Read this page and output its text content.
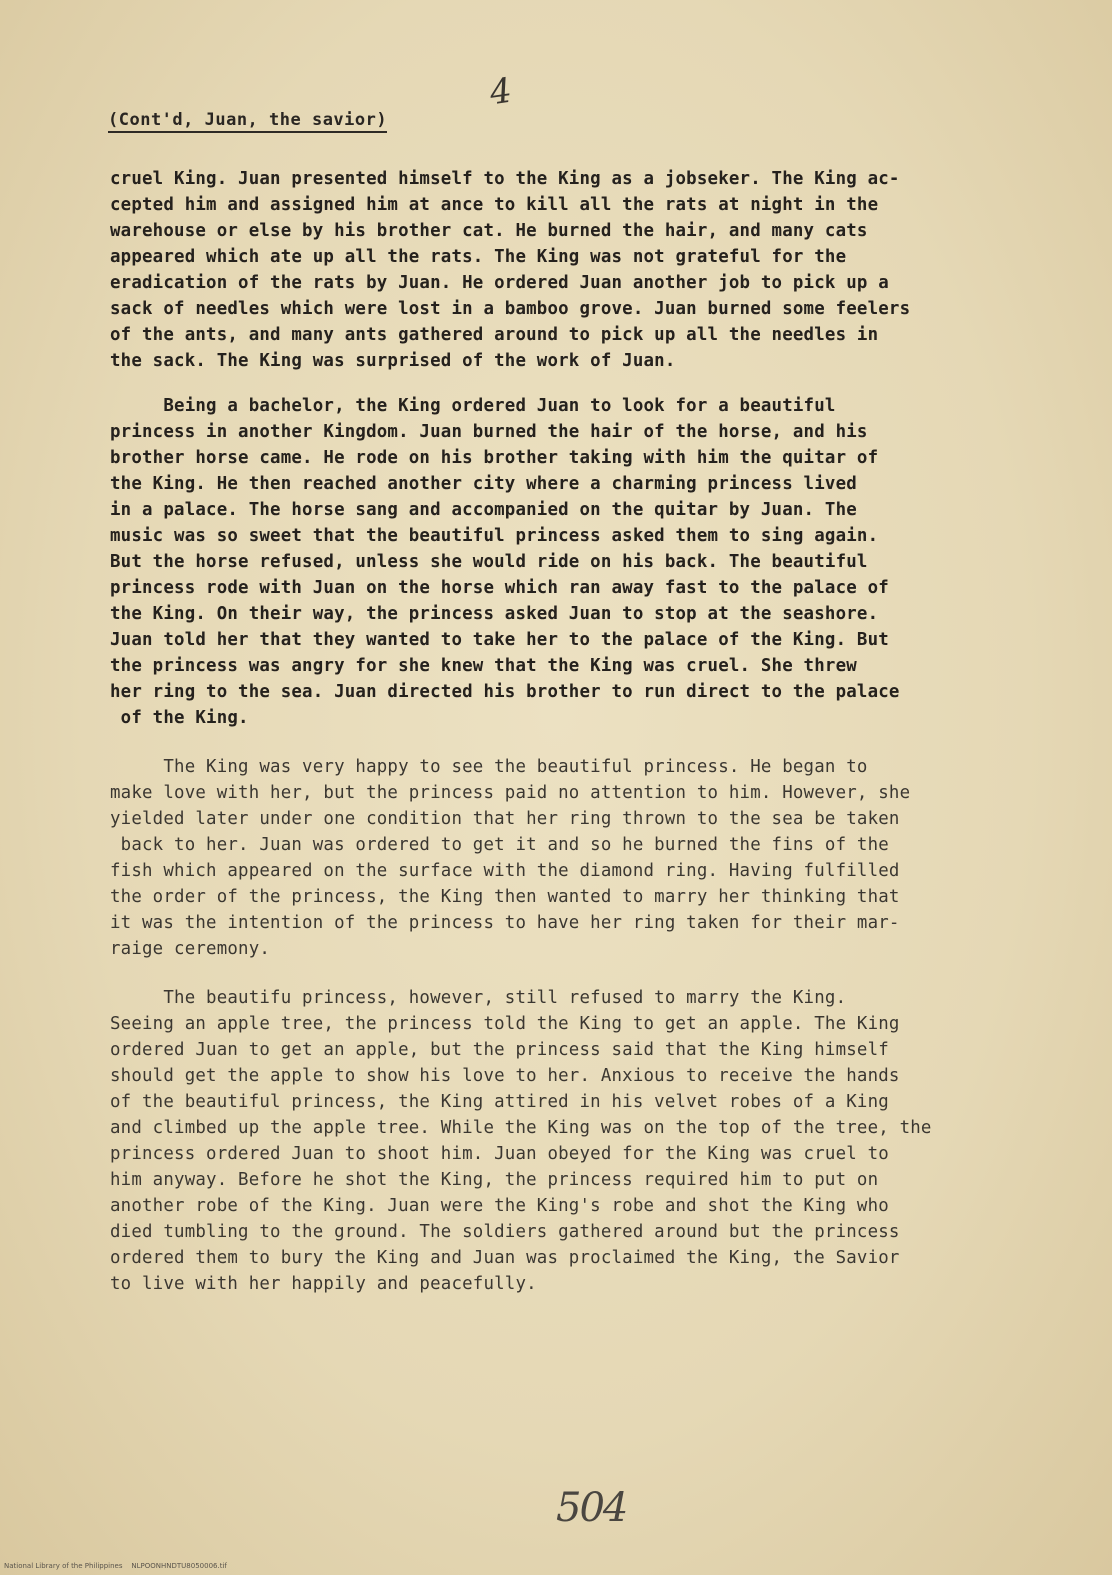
4
(Cont'd, Juan, the savior)
cruel King. Juan presented himself to the King as a jobseker. The King ac-
cepted him and assigned him at ance to kill all the rats at night in the
warehouse or else by his brother cat. He burned the hair, and many cats
appeared which ate up all the rats. The King was not grateful for the
eradication of the rats by Juan. He ordered Juan another job to pick up a
sack of needles which were lost in a bamboo grove. Juan burned some feelers
of the ants, and many ants gathered around to pick up all the needles in
the sack. The King was surprised of the work of Juan.
Being a bachelor, the King ordered Juan to look for a beautiful
princess in another Kingdom. Juan burned the hair of the horse, and his
brother horse came. He rode on his brother taking with him the quitar of
the King. He then reached another city where a charming princess lived
in a palace. The horse sang and accompanied on the quitar by Juan. The
music was so sweet that the beautiful princess asked them to sing again.
But the horse refused, unless she would ride on his back. The beautiful
princess rode with Juan on the horse which ran away fast to the palace of
the King. On their way, the princess asked Juan to stop at the seashore.
Juan told her that they wanted to take her to the palace of the King. But
the princess was angry for she knew that the King was cruel. She threw
her ring to the sea. Juan directed his brother to run direct to the palace
of the King.
The King was very happy to see the beautiful princess. He began to
make love with her, but the princess paid no attention to him. However, she
yielded later under one condition that her ring thrown to the sea be taken
back to her. Juan was ordered to get it and so he burned the fins of the
fish which appeared on the surface with the diamond ring. Having fulfilled
the order of the princess, the King then wanted to marry her thinking that
it was the intention of the princess to have her ring taken for their mar-
raige ceremony.
The beautifu princess, however, still refused to marry the King.
Seeing an apple tree, the princess told the King to get an apple. The King
ordered Juan to get an apple, but the princess said that the King himself
should get the apple to show his love to her. Anxious to receive the hands
of the beautiful princess, the King attired in his velvet robes of a King
and climbed up the apple tree. While the King was on the top of the tree, the
princess ordered Juan to shoot him. Juan obeyed for the King was cruel to
him anyway. Before he shot the King, the princess required him to put on
another robe of the King. Juan were the King's robe and shot the King who
died tumbling to the ground. The soldiers gathered around but the princess
ordered them to bury the King and Juan was proclaimed the King, the Savior
to live with her happily and peacefully.
504
National Library of the Philippines    NLPOONHNDTU8050006.tif
